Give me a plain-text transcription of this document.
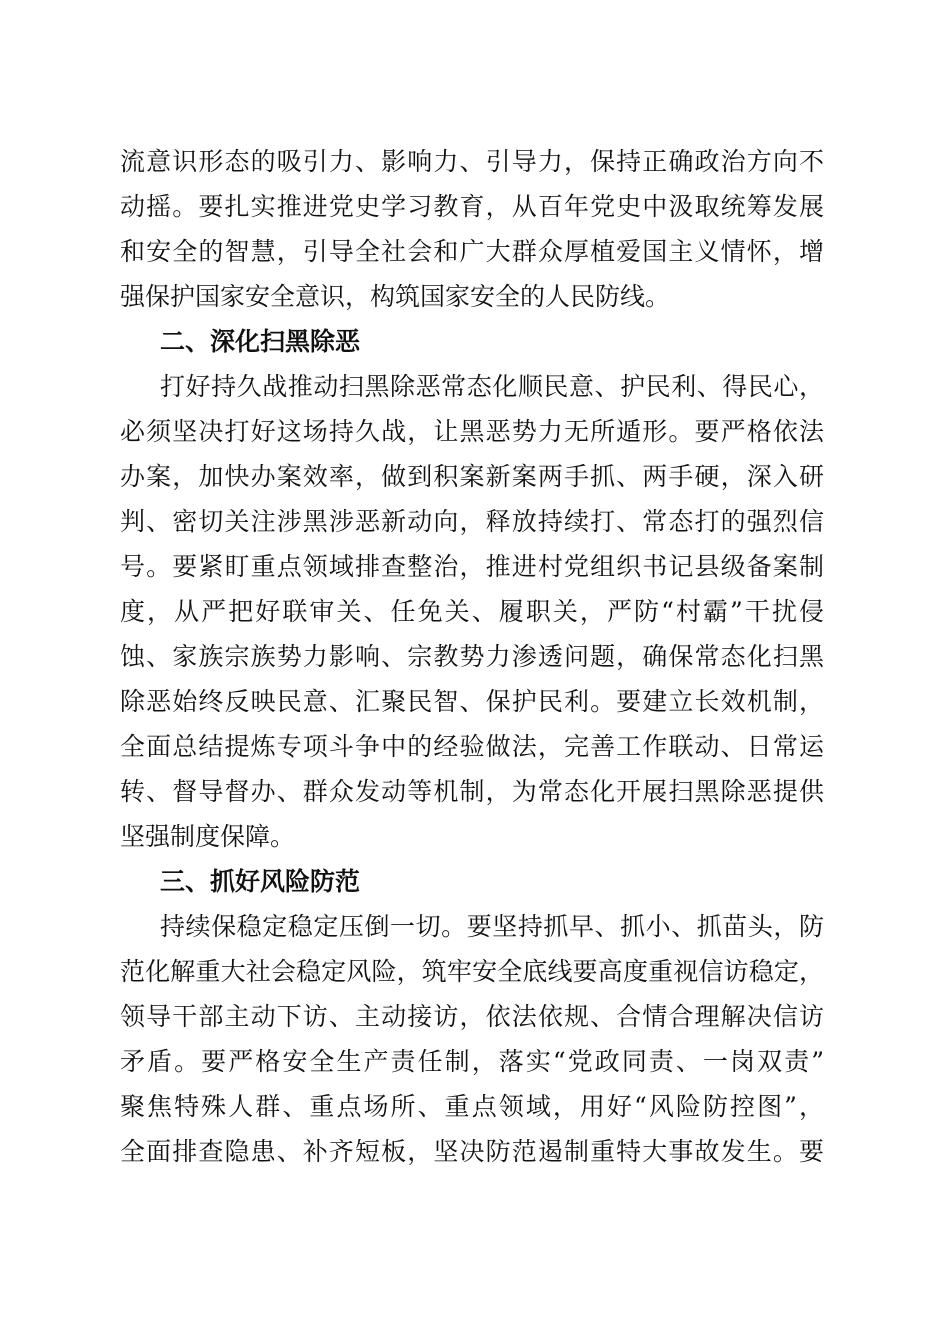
流意识形态的吸引力、影响力、引导力，保持正确政治方向不
动摇。要扎实推进党史学习教育，从百年党史中汲取统筹发展
和安全的智慧，引导全社会和广大群众厚植爱国主义情怀，增
强保护国家安全意识，构筑国家安全的人民防线。
二、深化扫黑除恶
打好持久战推动扫黑除恶常态化顺民意、护民利、得民心，
必须坚决打好这场持久战，让黑恶势力无所遁形。要严格依法
办案，加快办案效率，做到积案新案两手抓、两手硬，深入研
判、密切关注涉黑涉恶新动向，释放持续打、常态打的强烈信
号。要紧盯重点领域排查整治，推进村党组织书记县级备案制
度，从严把好联审关、任免关、履职关，严防“村霸”干扰侵
蚀、家族宗族势力影响、宗教势力渗透问题，确保常态化扫黑
除恶始终反映民意、汇聚民智、保护民利。要建立长效机制，
全面总结提炼专项斗争中的经验做法，完善工作联动、日常运
转、督导督办、群众发动等机制，为常态化开展扫黑除恶提供
坚强制度保障。
三、抓好风险防范
持续保稳定稳定压倒一切。要坚持抓早、抓小、抓苗头，防
范化解重大社会稳定风险，筑牢安全底线要高度重视信访稳定，
领导干部主动下访、主动接访，依法依规、合情合理解决信访
矛盾。要严格安全生产责任制，落实“党政同责、一岗双责”
聚焦特殊人群、重点场所、重点领域，用好“风险防控图”，
全面排查隐患、补齐短板，坚决防范遏制重特大事故发生。要
